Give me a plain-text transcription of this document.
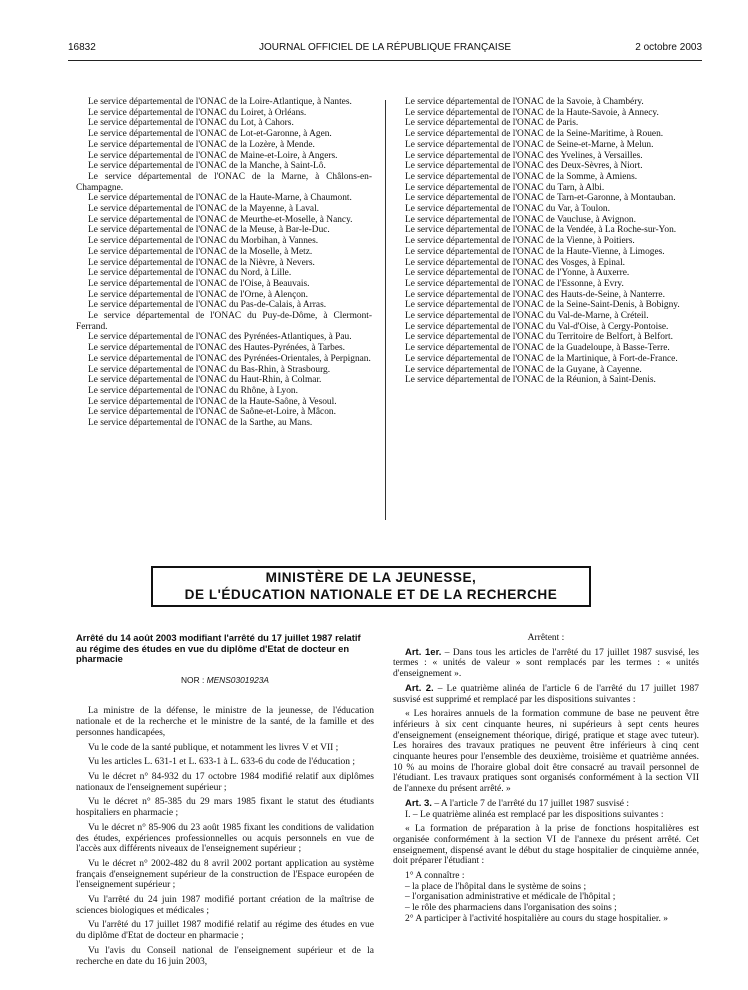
16832	JOURNAL OFFICIEL DE LA RÉPUBLIQUE FRANÇAISE	2 octobre 2003

Le service départemental de l'ONAC de la Loire-Atlantique, à Nantes.

Le service départemental de l'ONAC du Loiret, à Orléans.

Le service départemental de l'ONAC du Lot, à Cahors.

Le service départemental de l'ONAC de Lot-et-Garonne, à Agen.

Le service départemental de l'ONAC de la Lozère, à Mende.

Le service départemental de l'ONAC de Maine-et-Loire, à Angers.

Le service départemental de l'ONAC de la Manche, à Saint-Lô.

Le service départemental de l'ONAC de la Marne, à Châlons-en-Champagne.

Le service départemental de l'ONAC de la Haute-Marne, à Chaumont.

Le service départemental de l'ONAC de la Mayenne, à Laval.

Le service départemental de l'ONAC de Meurthe-et-Moselle, à Nancy.

Le service départemental de l'ONAC de la Meuse, à Bar-le-Duc.

Le service départemental de l'ONAC du Morbihan, à Vannes.

Le service départemental de l'ONAC de la Moselle, à Metz.

Le service départemental de l'ONAC de la Nièvre, à Nevers.

Le service départemental de l'ONAC du Nord, à Lille.

Le service départemental de l'ONAC de l'Oise, à Beauvais.

Le service départemental de l'ONAC de l'Orne, à Alençon.

Le service départemental de l'ONAC du Pas-de-Calais, à Arras.

Le service départemental de l'ONAC du Puy-de-Dôme, à Clermont-Ferrand.

Le service départemental de l'ONAC des Pyrénées-Atlantiques, à Pau.

Le service départemental de l'ONAC des Hautes-Pyrénées, à Tarbes.

Le service départemental de l'ONAC des Pyrénées-Orientales, à Perpignan.

Le service départemental de l'ONAC du Bas-Rhin, à Strasbourg.

Le service départemental de l'ONAC du Haut-Rhin, à Colmar.

Le service départemental de l'ONAC du Rhône, à Lyon.

Le service départemental de l'ONAC de la Haute-Saône, à Vesoul.

Le service départemental de l'ONAC de Saône-et-Loire, à Mâcon.

Le service départemental de l'ONAC de la Sarthe, au Mans.

Le service départemental de l'ONAC de la Savoie, à Chambéry.

Le service départemental de l'ONAC de la Haute-Savoie, à Annecy.

Le service départemental de l'ONAC de Paris.

Le service départemental de l'ONAC de la Seine-Maritime, à Rouen.

Le service départemental de l'ONAC de Seine-et-Marne, à Melun.

Le service départemental de l'ONAC des Yvelines, à Versailles.

Le service départemental de l'ONAC des Deux-Sèvres, à Niort.

Le service départemental de l'ONAC de la Somme, à Amiens.

Le service départemental de l'ONAC du Tarn, à Albi.

Le service départemental de l'ONAC de Tarn-et-Garonne, à Montauban.

Le service départemental de l'ONAC du Var, à Toulon.

Le service départemental de l'ONAC de Vaucluse, à Avignon.

Le service départemental de l'ONAC de la Vendée, à La Roche-sur-Yon.

Le service départemental de l'ONAC de la Vienne, à Poitiers.

Le service départemental de l'ONAC de la Haute-Vienne, à Limoges.

Le service départemental de l'ONAC des Vosges, à Epinal.

Le service départemental de l'ONAC de l'Yonne, à Auxerre.

Le service départemental de l'ONAC de l'Essonne, à Evry.

Le service départemental de l'ONAC des Hauts-de-Seine, à Nanterre.

Le service départemental de l'ONAC de la Seine-Saint-Denis, à Bobigny.

Le service départemental de l'ONAC du Val-de-Marne, à Créteil.

Le service départemental de l'ONAC du Val-d'Oise, à Cergy-Pontoise.

Le service départemental de l'ONAC du Territoire de Belfort, à Belfort.

Le service départemental de l'ONAC de la Guadeloupe, à Basse-Terre.

Le service départemental de l'ONAC de la Martinique, à Fort-de-France.

Le service départemental de l'ONAC de la Guyane, à Cayenne.

Le service départemental de l'ONAC de la Réunion, à Saint-Denis.

MINISTÈRE DE LA JEUNESSE,
DE L'ÉDUCATION NATIONALE ET DE LA RECHERCHE

Arrêté du 14 août 2003 modifiant l'arrêté du 17 juillet 1987 relatif au régime des études en vue du diplôme d'Etat de docteur en pharmacie

NOR : MENS0301923A

La ministre de la défense, le ministre de la jeunesse, de l'éducation nationale et de la recherche et le ministre de la santé, de la famille et des personnes handicapées,

Vu le code de la santé publique, et notamment les livres V et VII ;

Vu les articles L. 631-1 et L. 633-1 à L. 633-6 du code de l'éducation ;

Vu le décret n° 84-932 du 17 octobre 1984 modifié relatif aux diplômes nationaux de l'enseignement supérieur ;

Vu le décret n° 85-385 du 29 mars 1985 fixant le statut des étudiants hospitaliers en pharmacie ;

Vu le décret n° 85-906 du 23 août 1985 fixant les conditions de validation des études, expériences professionnelles ou acquis personnels en vue de l'accès aux différents niveaux de l'enseignement supérieur ;

Vu le décret n° 2002-482 du 8 avril 2002 portant application au système français d'enseignement supérieur de la construction de l'Espace européen de l'enseignement supérieur ;

Vu l'arrêté du 24 juin 1987 modifié portant création de la maîtrise de sciences biologiques et médicales ;

Vu l'arrêté du 17 juillet 1987 modifié relatif au régime des études en vue du diplôme d'Etat de docteur en pharmacie ;

Vu l'avis du Conseil national de l'enseignement supérieur et de la recherche en date du 16 juin 2003,

Arrêtent :

Art. 1er. – Dans tous les articles de l'arrêté du 17 juillet 1987 susvisé, les termes : « unités de valeur » sont remplacés par les termes : « unités d'enseignement ».

Art. 2. – Le quatrième alinéa de l'article 6 de l'arrêté du 17 juillet 1987 susvisé est supprimé et remplacé par les dispositions suivantes :

« Les horaires annuels de la formation commune de base ne peuvent être inférieurs à six cent cinquante heures, ni supérieurs à sept cents heures d'enseignement (enseignement théorique, dirigé, pratique et stage avec tuteur). Les horaires des travaux pratiques ne peuvent être inférieurs à cinq cent cinquante heures pour l'ensemble des deuxième, troisième et quatrième années. 10 % au moins de l'horaire global doit être consacré au travail personnel de l'étudiant. Les travaux pratiques sont organisés conformément à la section VII de l'annexe du présent arrêté. »

Art. 3. – A l'article 7 de l'arrêté du 17 juillet 1987 susvisé :

I. – Le quatrième alinéa est remplacé par les dispositions suivantes :

« La formation de préparation à la prise de fonctions hospitalières est organisée conformément à la section VI de l'annexe du présent arrêté. Cet enseignement, dispensé avant le début du stage hospitalier de cinquième année, doit préparer l'étudiant :

1° A connaître :

– la place de l'hôpital dans le système de soins ;

– l'organisation administrative et médicale de l'hôpital ;

– le rôle des pharmaciens dans l'organisation des soins ;

2° A participer à l'activité hospitalière au cours du stage hospitalier. »
